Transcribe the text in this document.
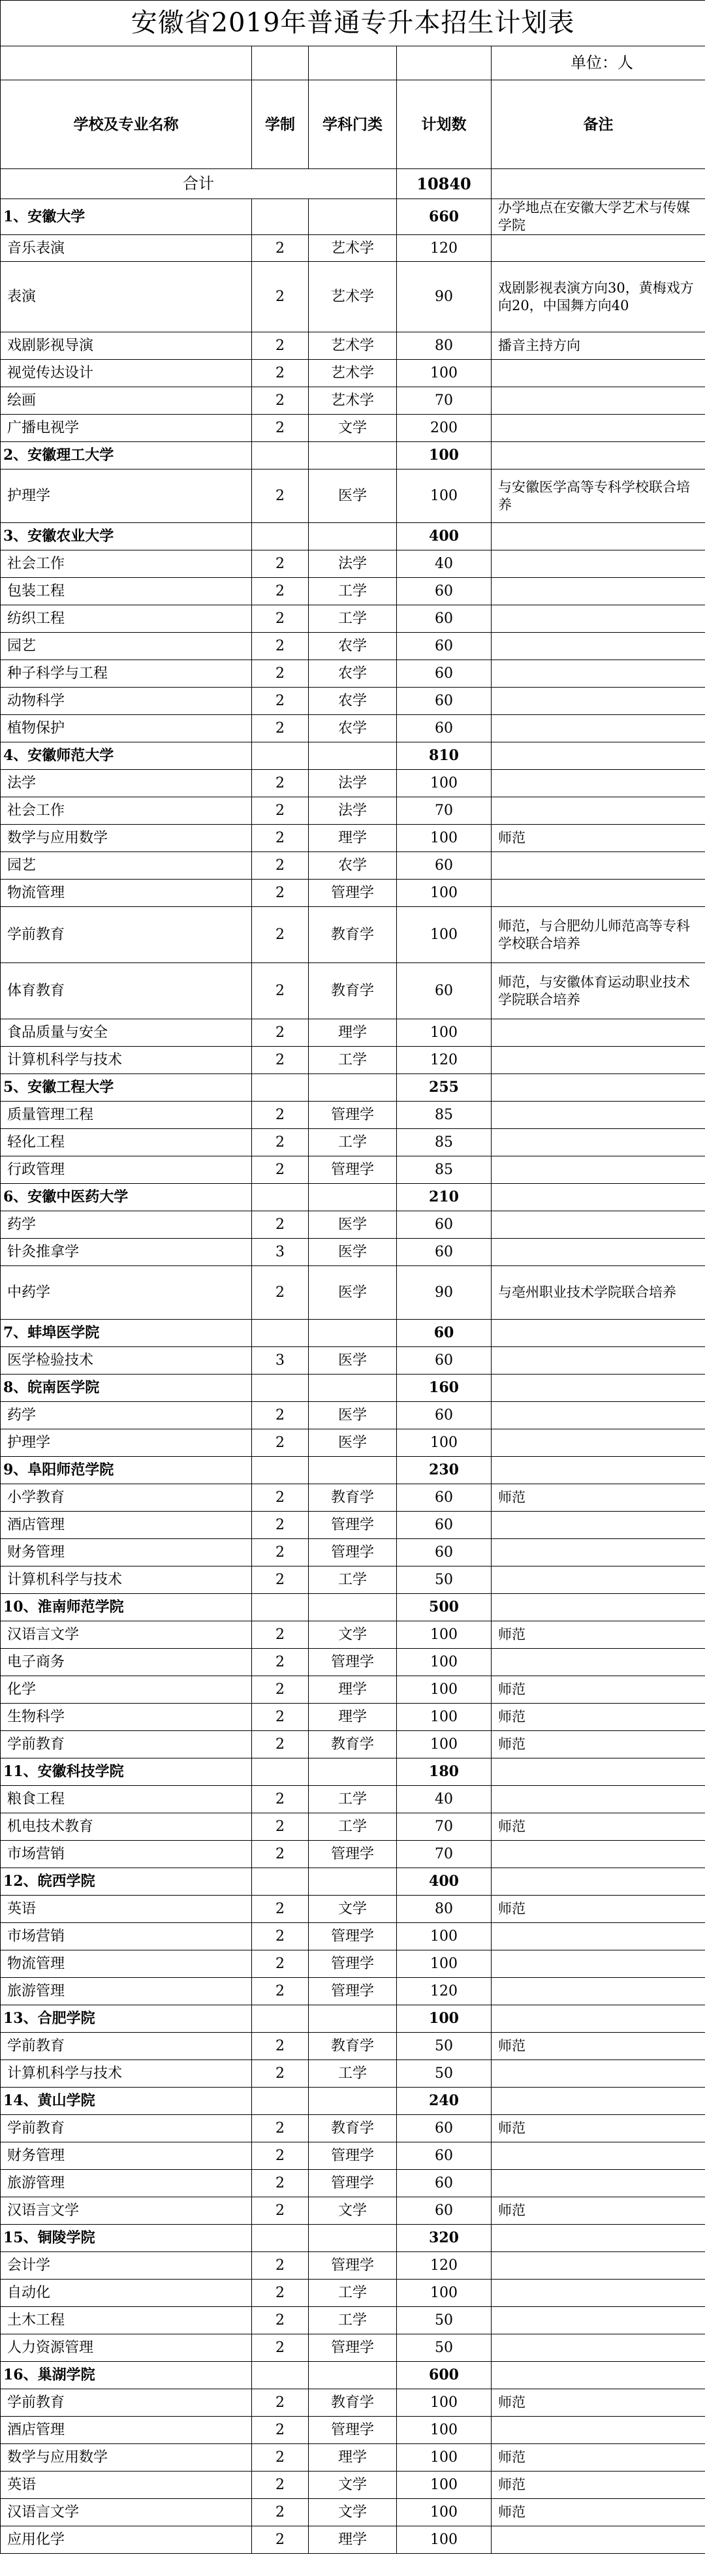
安徽省2019年普通专升本招生计划表				
				单位：人
学校及专业名称	学制	学科门类	计划数	备注
合计			10840	
1、安徽大学			660	办学地点在安徽大学艺术与传媒学院
音乐表演	2	艺术学	120	
表演	2	艺术学	90	戏剧影视表演方向30，黄梅戏方向20，中国舞方向40
戏剧影视导演	2	艺术学	80	播音主持方向
视觉传达设计	2	艺术学	100	
绘画	2	艺术学	70	
广播电视学	2	文学	200	
2、安徽理工大学			100	
护理学	2	医学	100	与安徽医学高等专科学校联合培养
3、安徽农业大学			400	
社会工作	2	法学	40	
包装工程	2	工学	60	
纺织工程	2	工学	60	
园艺	2	农学	60	
种子科学与工程	2	农学	60	
动物科学	2	农学	60	
植物保护	2	农学	60	
4、安徽师范大学			810	
法学	2	法学	100	
社会工作	2	法学	70	
数学与应用数学	2	理学	100	师范
园艺	2	农学	60	
物流管理	2	管理学	100	
学前教育	2	教育学	100	师范，与合肥幼儿师范高等专科学校联合培养
体育教育	2	教育学	60	师范，与安徽体育运动职业技术学院联合培养
食品质量与安全	2	理学	100	
计算机科学与技术	2	工学	120	
5、安徽工程大学			255	
质量管理工程	2	管理学	85	
轻化工程	2	工学	85	
行政管理	2	管理学	85	
6、安徽中医药大学			210	
药学	2	医学	60	
针灸推拿学	3	医学	60	
中药学	2	医学	90	与亳州职业技术学院联合培养
7、蚌埠医学院			60	
医学检验技术	3	医学	60	
8、皖南医学院			160	
药学	2	医学	60	
护理学	2	医学	100	
9、阜阳师范学院			230	
小学教育	2	教育学	60	师范
酒店管理	2	管理学	60	
财务管理	2	管理学	60	
计算机科学与技术	2	工学	50	
10、淮南师范学院			500	
汉语言文学	2	文学	100	师范
电子商务	2	管理学	100	
化学	2	理学	100	师范
生物科学	2	理学	100	师范
学前教育	2	教育学	100	师范
11、安徽科技学院			180	
粮食工程	2	工学	40	
机电技术教育	2	工学	70	师范
市场营销	2	管理学	70	
12、皖西学院			400	
英语	2	文学	80	师范
市场营销	2	管理学	100	
物流管理	2	管理学	100	
旅游管理	2	管理学	120	
13、合肥学院			100	
学前教育	2	教育学	50	师范
计算机科学与技术	2	工学	50	
14、黄山学院			240	
学前教育	2	教育学	60	师范
财务管理	2	管理学	60	
旅游管理	2	管理学	60	
汉语言文学	2	文学	60	师范
15、铜陵学院			320	
会计学	2	管理学	120	
自动化	2	工学	100	
土木工程	2	工学	50	
人力资源管理	2	管理学	50	
16、巢湖学院			600	
学前教育	2	教育学	100	师范
酒店管理	2	管理学	100	
数学与应用数学	2	理学	100	师范
英语	2	文学	100	师范
汉语言文学	2	文学	100	师范
应用化学	2	理学	100	
